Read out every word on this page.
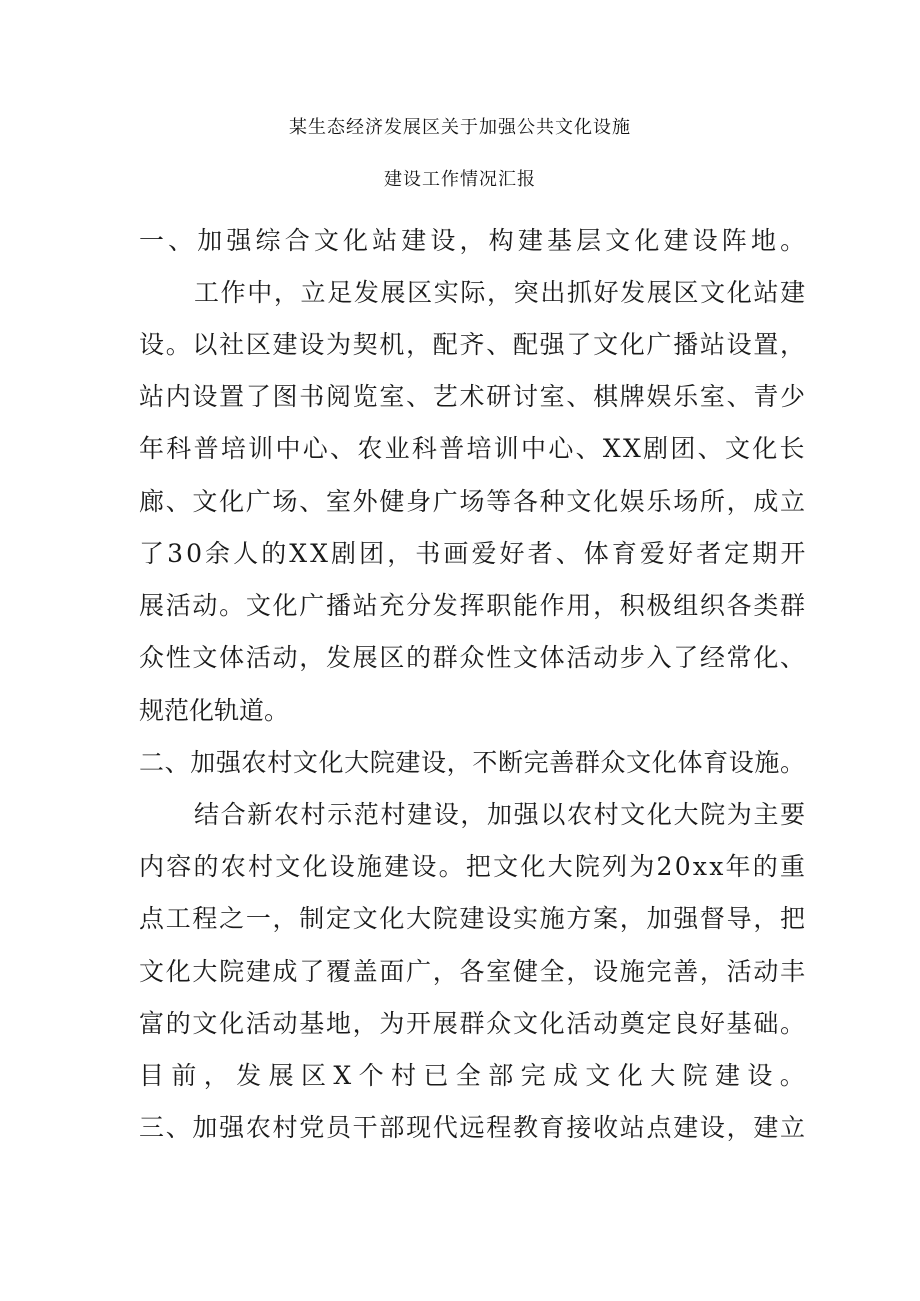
某生态经济发展区关于加强公共文化设施
建设工作情况汇报
一、加强综合文化站建设，构建基层文化建设阵地。
工作中，立足发展区实际，突出抓好发展区文化站建
设。以社区建设为契机，配齐、配强了文化广播站设置，
站内设置了图书阅览室、艺术研讨室、棋牌娱乐室、青少
年科普培训中心、农业科普培训中心、XX剧团、文化长
廊、文化广场、室外健身广场等各种文化娱乐场所，成立
了30余人的XX剧团，书画爱好者、体育爱好者定期开
展活动。文化广播站充分发挥职能作用，积极组织各类群
众性文体活动，发展区的群众性文体活动步入了经常化、
规范化轨道。
二、加强农村文化大院建设，不断完善群众文化体育设施。
结合新农村示范村建设，加强以农村文化大院为主要
内容的农村文化设施建设。把文化大院列为20xx年的重
点工程之一，制定文化大院建设实施方案，加强督导，把
文化大院建成了覆盖面广，各室健全，设施完善，活动丰
富的文化活动基地，为开展群众文化活动奠定良好基础。
目前，发展区X个村已全部完成文化大院建设。
三、加强农村党员干部现代远程教育接收站点建设，建立
